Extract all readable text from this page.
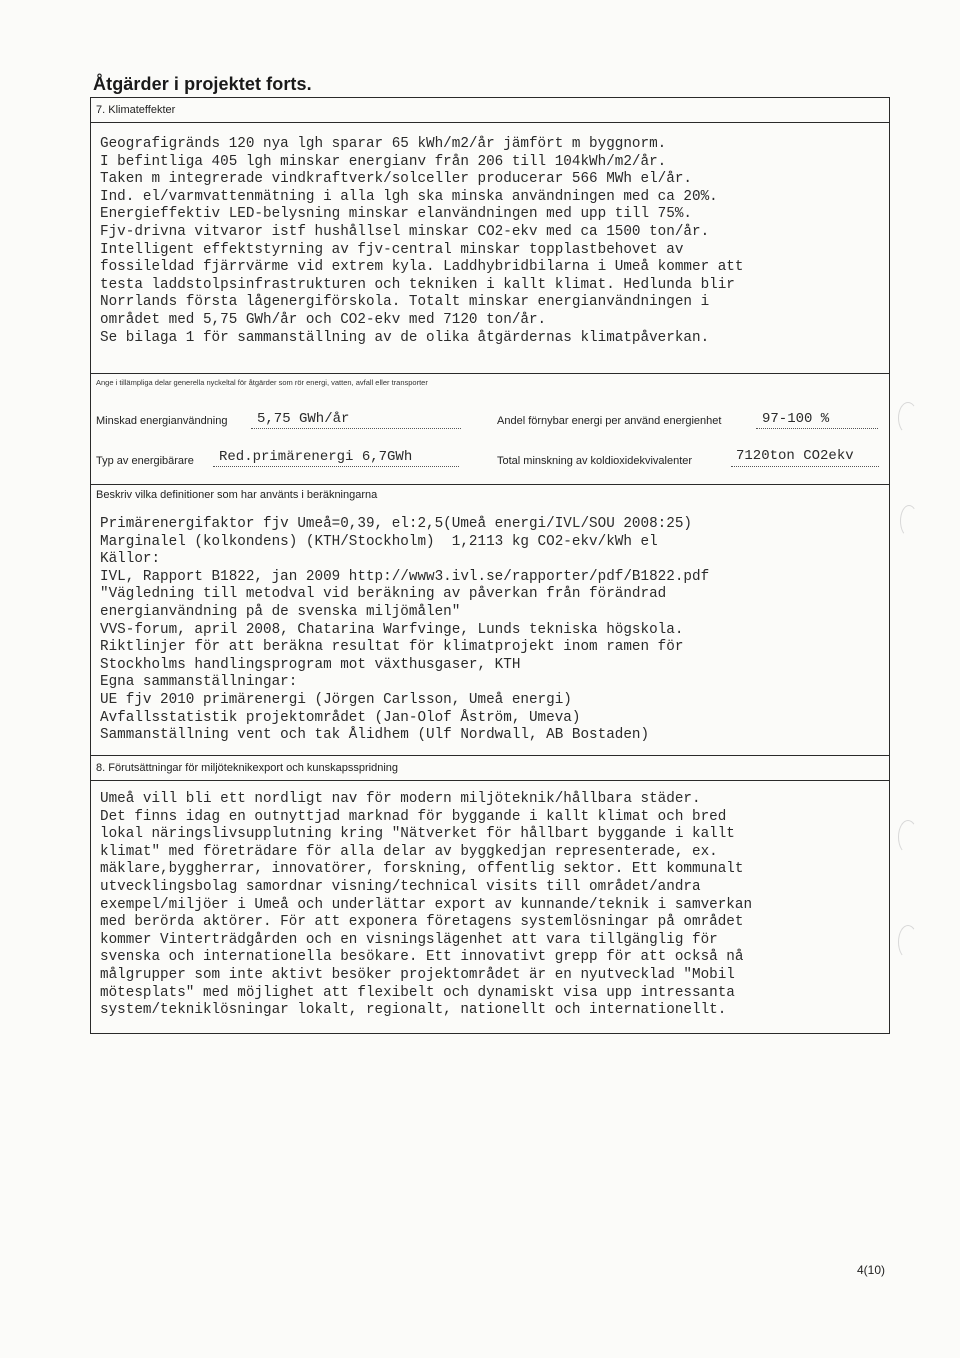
Åtgärder i projektet forts.
7. Klimateffekter
Geografigränds 120 nya lgh sparar 65 kWh/m2/år jämfört m byggnorm.
I befintliga 405 lgh minskar energianv från 206 till 104kWh/m2/år.
Taken m integrerade vindkraftverk/solceller producerar 566 MWh el/år.
Ind. el/varmvattenmätning i alla lgh ska minska användningen med ca 20%.
Energieffektiv LED-belysning minskar elanvändningen med upp till 75%.
Fjv-drivna vitvaror istf hushållsel minskar CO2-ekv med ca 1500 ton/år.
Intelligent effektstyrning av fjv-central minskar topplastbehovet av
fossileldad fjärrvärme vid extrem kyla. Laddhybridbilarna i Umeå kommer att
testa laddstolpsinfrastrukturen och tekniken i kallt klimat. Hedlunda blir
Norrlands första lågenergiförskola. Totalt minskar energianvändningen i
området med 5,75 GWh/år och CO2-ekv med 7120 ton/år.
Se bilaga 1 för sammanställning av de olika åtgärdernas klimatpåverkan.
Ange i tillämpliga delar generella nyckeltal för åtgärder som rör energi, vatten, avfall eller transporter
Minskad energianvändning 5,75 GWh/år	Andel förnybar energi per använd energienhet	97-100 %
Typ av energibärare Red.primärenergi 6,7GWh	Total minskning av koldioxidekvivalenter	7120ton CO2ekv
Beskriv vilka definitioner som har använts i beräkningarna
Primärenergifaktor fjv Umeå=0,39, el:2,5(Umeå energi/IVL/SOU 2008:25)
Marginalel (kolkondens) (KTH/Stockholm)  1,2113 kg CO2-ekv/kWh el
Källor:
IVL, Rapport B1822, jan 2009 http://www3.ivl.se/rapporter/pdf/B1822.pdf
"Vägledning till metodval vid beräkning av påverkan från förändrad
energianvändning på de svenska miljömålen"
VVS-forum, april 2008, Chatarina Warfvinge, Lunds tekniska högskola.
Riktlinjer för att beräkna resultat för klimatprojekt inom ramen för
Stockholms handlingsprogram mot växthusgaser, KTH
Egna sammanställningar:
UE fjv 2010 primärenergi (Jörgen Carlsson, Umeå energi)
Avfallsstatistik projektområdet (Jan-Olof Åström, Umeva)
Sammanställning vent och tak Ålidhem (Ulf Nordwall, AB Bostaden)
8. Förutsättningar för miljöteknikexport och kunskapsspridning
Umeå vill bli ett nordligt nav för modern miljöteknik/hållbara städer.
Det finns idag en outnyttjad marknad för byggande i kallt klimat och bred
lokal näringslivsupplutning kring "Nätverket för hållbart byggande i kallt
klimat" med företrädare för alla delar av byggkedjan representerade, ex.
mäklare,byggherrar, innovatörer, forskning, offentlig sektor. Ett kommunalt
utvecklingsbolag samordnar visning/technical visits till området/andra
exempel/miljöer i Umeå och underlättar export av kunnande/teknik i samverkan
med berörda aktörer. För att exponera företagens systemlösningar på området
kommer Vinterträdgården och en visningslägenhet att vara tillgänglig för
svenska och internationella besökare. Ett innovativt grepp för att också nå
målgrupper som inte aktivt besöker projektområdet är en nyutvecklad "Mobil
mötesplats" med möjlighet att flexibelt och dynamiskt visa upp intressanta
system/tekniklösningar lokalt, regionalt, nationellt och internationellt.
4(10)
